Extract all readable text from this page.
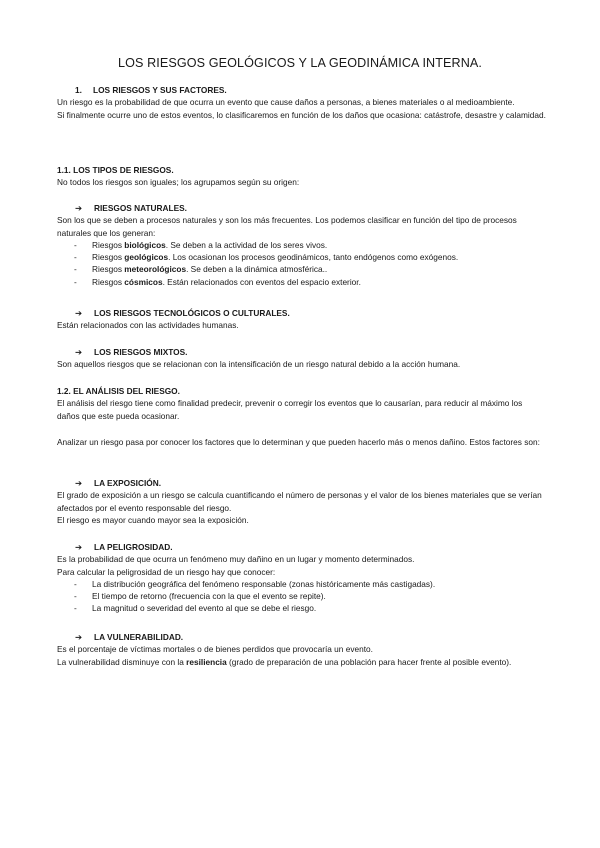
LOS RIESGOS GEOLÓGICOS Y LA GEODINÁMICA INTERNA.

1. LOS RIESGOS Y SUS FACTORES.

Un riesgo es la probabilidad de que ocurra un evento que cause daños a personas, a bienes materiales o al medioambiente.

Si finalmente ocurre uno de estos eventos, lo clasificaremos en función de los daños que ocasiona: catástrofe, desastre y calamidad.

1.1. LOS TIPOS DE RIESGOS.

No todos los riesgos son iguales; los agrupamos según su origen:

➔ RIESGOS NATURALES.

Son los que se deben a procesos naturales y son los más frecuentes. Los podemos clasificar en función del tipo de procesos naturales que los generan:

- Riesgos biológicos. Se deben a la actividad de los seres vivos.
- Riesgos geológicos. Los ocasionan los procesos geodinámicos, tanto endógenos como exógenos.
- Riesgos meteorológicos. Se deben a la dinámica atmosférica..
- Riesgos cósmicos. Están relacionados con eventos del espacio exterior.

➔ LOS RIESGOS TECNOLÓGICOS O CULTURALES.

Están relacionados con las actividades humanas.

➔ LOS RIESGOS MIXTOS.

Son aquellos riesgos que se relacionan con la intensificación de un riesgo natural debido a la acción humana.

1.2. EL ANÁLISIS DEL RIESGO.

El análisis del riesgo tiene como finalidad predecir, prevenir o corregir los eventos que lo causarían, para reducir al máximo los daños que este pueda ocasionar.

Analizar un riesgo pasa por conocer los factores que lo determinan y que pueden hacerlo más o menos dañino. Estos factores son:

➔ LA EXPOSICIÓN.

El grado de exposición a un riesgo se calcula cuantificando el número de personas y el valor de los bienes materiales que se verían afectados por el evento responsable del riesgo.

El riesgo es mayor cuando mayor sea la exposición.

➔ LA PELIGROSIDAD.

Es la probabilidad de que ocurra un fenómeno muy dañino en un lugar y momento determinados.

Para calcular la peligrosidad de un riesgo hay que conocer:

- La distribución geográfica del fenómeno responsable (zonas históricamente más castigadas).
- El tiempo de retorno (frecuencia con la que el evento se repite).
- La magnitud o severidad del evento al que se debe el riesgo.

➔ LA VULNERABILIDAD.

Es el porcentaje de víctimas mortales o de bienes perdidos que provocaría un evento.

La vulnerabilidad disminuye con la resiliencia (grado de preparación de una población para hacer frente al posible evento).
